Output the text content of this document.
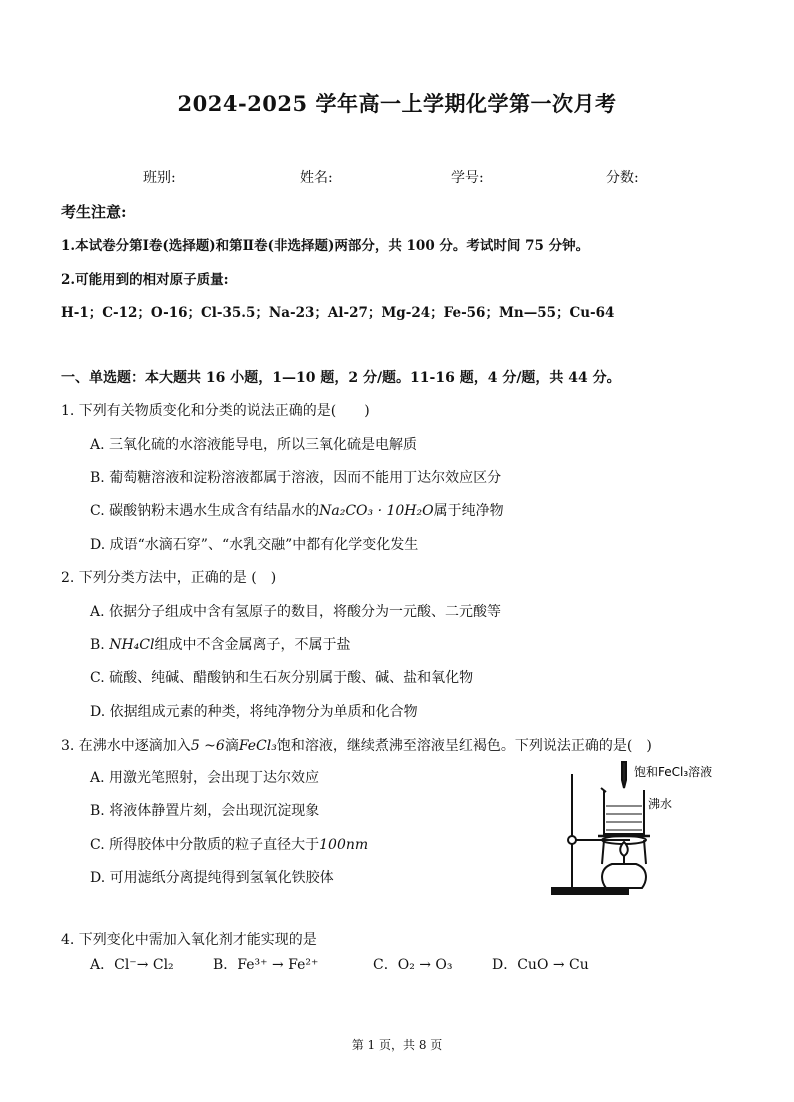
2024-2025 学年高一上学期化学第一次月考
班别:	姓名:	学号:	分数:
考生注意:
1.本试卷分第Ⅰ卷(选择题)和第Ⅱ卷(非选择题)两部分，共 100 分。考试时间 75 分钟。
2.可能用到的相对原子质量:
H-1；C-12；O-16；Cl-35.5；Na-23；Al-27；Mg-24；Fe-56；Mn—55；Cu-64
一、单选题：本大题共 16 小题，1—10 题，2 分/题。11-16 题，4 分/题，共 44 分。
1. 下列有关物质变化和分类的说法正确的是(　　)
A. 三氧化硫的水溶液能导电，所以三氧化硫是电解质
B. 葡萄糖溶液和淀粉溶液都属于溶液，因而不能用丁达尔效应区分
C. 碳酸钠粉末遇水生成含有结晶水的Na₂CO₃ · 10H₂O属于纯净物
D. 成语“水滴石穿”、“水乳交融”中都有化学变化发生
2. 下列分类方法中，正确的是 (　)
A. 依据分子组成中含有氢原子的数目，将酸分为一元酸、二元酸等
B. NH₄Cl组成中不含金属离子，不属于盐
C. 硫酸、纯碱、醋酸钠和生石灰分别属于酸、碱、盐和氧化物
D. 依据组成元素的种类，将纯净物分为单质和化合物
3. 在沸水中逐滴加入5 ~6滴FeCl₃饱和溶液，继续煮沸至溶液呈红褐色。下列说法正确的是(　)
A. 用激光笔照射，会出现丁达尔效应
B. 将液体静置片刻，会出现沉淀现象
C. 所得胶体中分散质的粒子直径大于100nm
D. 可用滤纸分离提纯得到氢氧化铁胶体
饱和FeCl₃溶液
沸水
4. 下列变化中需加入氧化剂才能实现的是
A．Cl⁻→ Cl₂	B．Fe³⁺ → Fe²⁺	C．O₂ → O₃	D．CuO → Cu
第 1 页，共 8 页
